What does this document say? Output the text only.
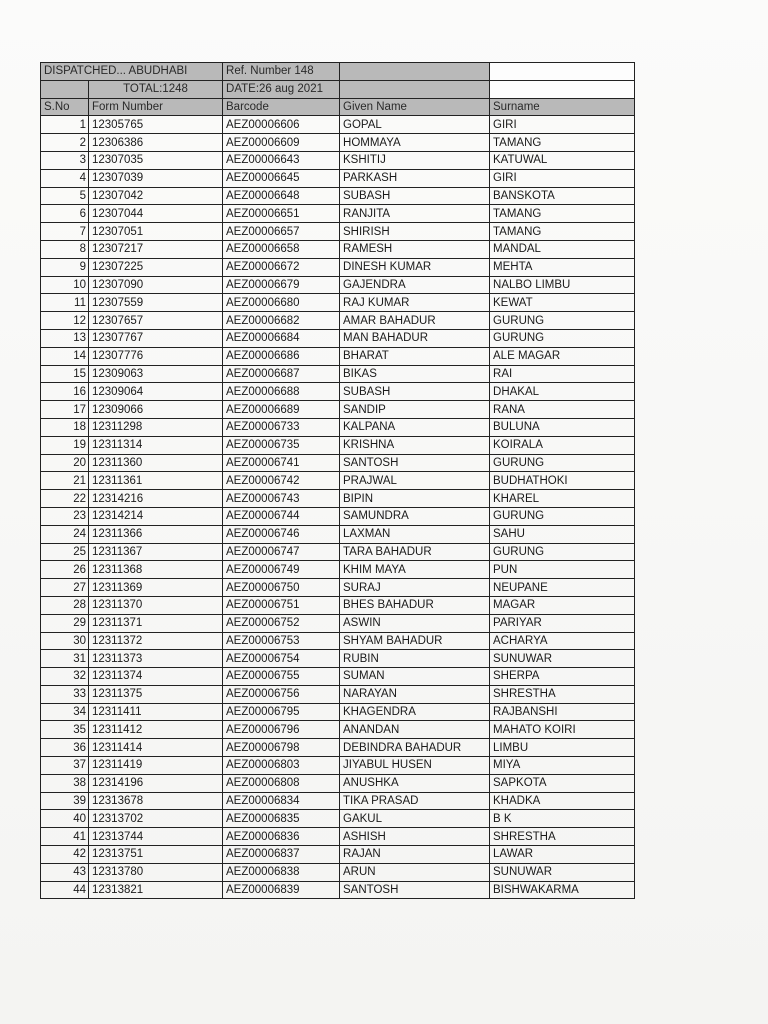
DISPATCHED... ABUDHABI		Ref. Number 148		
	TOTAL:1248	DATE:26 aug 2021		
S.No	Form Number	Barcode	Given Name	Surname
1	12305765	AEZ00006606	GOPAL	GIRI
2	12306386	AEZ00006609	HOMMAYA	TAMANG
3	12307035	AEZ00006643	KSHITIJ	KATUWAL
4	12307039	AEZ00006645	PARKASH	GIRI
5	12307042	AEZ00006648	SUBASH	BANSKOTA
6	12307044	AEZ00006651	RANJITA	TAMANG
7	12307051	AEZ00006657	SHIRISH	TAMANG
8	12307217	AEZ00006658	RAMESH	MANDAL
9	12307225	AEZ00006672	DINESH KUMAR	MEHTA
10	12307090	AEZ00006679	GAJENDRA	NALBO LIMBU
11	12307559	AEZ00006680	RAJ KUMAR	KEWAT
12	12307657	AEZ00006682	AMAR BAHADUR	GURUNG
13	12307767	AEZ00006684	MAN BAHADUR	GURUNG
14	12307776	AEZ00006686	BHARAT	ALE MAGAR
15	12309063	AEZ00006687	BIKAS	RAI
16	12309064	AEZ00006688	SUBASH	DHAKAL
17	12309066	AEZ00006689	SANDIP	RANA
18	12311298	AEZ00006733	KALPANA	BULUNA
19	12311314	AEZ00006735	KRISHNA	KOIRALA
20	12311360	AEZ00006741	SANTOSH	GURUNG
21	12311361	AEZ00006742	PRAJWAL	BUDHATHOKI
22	12314216	AEZ00006743	BIPIN	KHAREL
23	12314214	AEZ00006744	SAMUNDRA	GURUNG
24	12311366	AEZ00006746	LAXMAN	SAHU
25	12311367	AEZ00006747	TARA BAHADUR	GURUNG
26	12311368	AEZ00006749	KHIM MAYA	PUN
27	12311369	AEZ00006750	SURAJ	NEUPANE
28	12311370	AEZ00006751	BHES BAHADUR	MAGAR
29	12311371	AEZ00006752	ASWIN	PARIYAR
30	12311372	AEZ00006753	SHYAM BAHADUR	ACHARYA
31	12311373	AEZ00006754	RUBIN	SUNUWAR
32	12311374	AEZ00006755	SUMAN	SHERPA
33	12311375	AEZ00006756	NARAYAN	SHRESTHA
34	12311411	AEZ00006795	KHAGENDRA	RAJBANSHI
35	12311412	AEZ00006796	ANANDAN	MAHATO KOIRI
36	12311414	AEZ00006798	DEBINDRA BAHADUR	LIMBU
37	12311419	AEZ00006803	JIYABUL HUSEN	MIYA
38	12314196	AEZ00006808	ANUSHKA	SAPKOTA
39	12313678	AEZ00006834	TIKA PRASAD	KHADKA
40	12313702	AEZ00006835	GAKUL	B K
41	12313744	AEZ00006836	ASHISH	SHRESTHA
42	12313751	AEZ00006837	RAJAN	LAWAR
43	12313780	AEZ00006838	ARUN	SUNUWAR
44	12313821	AEZ00006839	SANTOSH	BISHWAKARMA
